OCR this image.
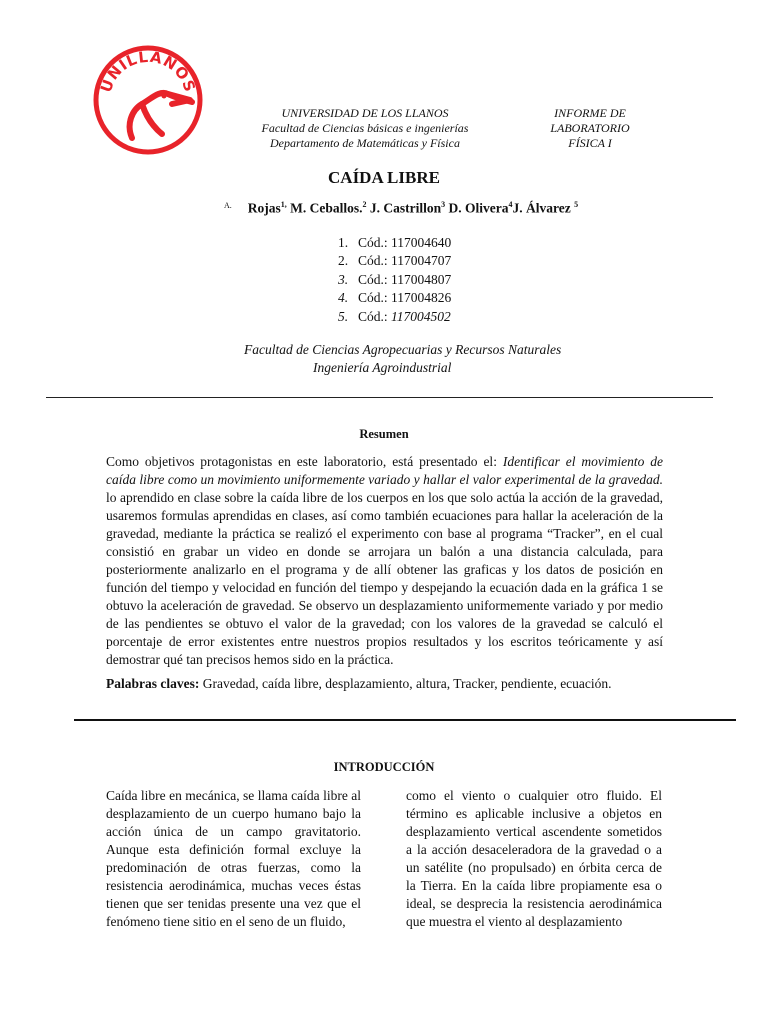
UNILLANOS
UNIVERSIDAD DE LOS LLANOS
Facultad de Ciencias básicas e ingenierías
Departamento de Matemáticas y Física
INFORME DE
LABORATORIO
FÍSICA I
CAÍDA LIBRE
$^{A.}$ Rojas$^{1,}$ M. Ceballos.$^2$ J. Castrillon$^3$ D. Olivera$^4$J. Álvarez $^5$
1. Cód.: 117004640
2. Cód.: 117004707
3. Cód.: 117004807
4. Cód.: 117004826
5. Cód.: 117004502
Facultad de Ciencias Agropecuarias y Recursos Naturales
Ingeniería Agroindustrial
Resumen

Como objetivos protagonistas en este laboratorio, está presentado el: Identificar el movimiento de caída libre como un movimiento uniformemente variado y hallar el valor experimental de la gravedad. lo aprendido en clase sobre la caída libre de los cuerpos en los que solo actúa la acción de la gravedad, usaremos formulas aprendidas en clases, así como también ecuaciones para hallar la aceleración de la gravedad, mediante la práctica se realizó el experimento con base al programa “Tracker”, en el cual consistió en grabar un video en donde se arrojara un balón a una distancia calculada, para posteriormente analizarlo en el programa y de allí obtener las graficas y los datos de posición en función del tiempo y velocidad en función del tiempo y despejando la ecuación dada en la gráfica 1 se obtuvo la aceleración de gravedad. Se observo un desplazamiento uniformemente variado y por medio de las pendientes se obtuvo el valor de la gravedad; con los valores de la gravedad se calculó el porcentaje de error existentes entre nuestros propios resultados y los escritos teóricamente y así demostrar qué tan precisos hemos sido en la práctica.

Palabras claves: Gravedad, caída libre, desplazamiento, altura, Tracker, pendiente, ecuación.

INTRODUCCIÓN

Caída libre en mecánica, se llama caída libre al desplazamiento de un cuerpo humano bajo la acción única de un campo gravitatorio. Aunque esta definición formal excluye la predominación de otras fuerzas, como la resistencia aerodinámica, muchas veces éstas tienen que ser tenidas presente una vez que el fenómeno tiene sitio en el seno de un fluido,

como el viento o cualquier otro fluido. El término es aplicable inclusive a objetos en desplazamiento vertical ascendente sometidos a la acción desaceleradora de la gravedad o a un satélite (no propulsado) en órbita cerca de la Tierra. En la caída libre propiamente esa o ideal, se desprecia la resistencia aerodinámica que muestra el viento al desplazamiento
